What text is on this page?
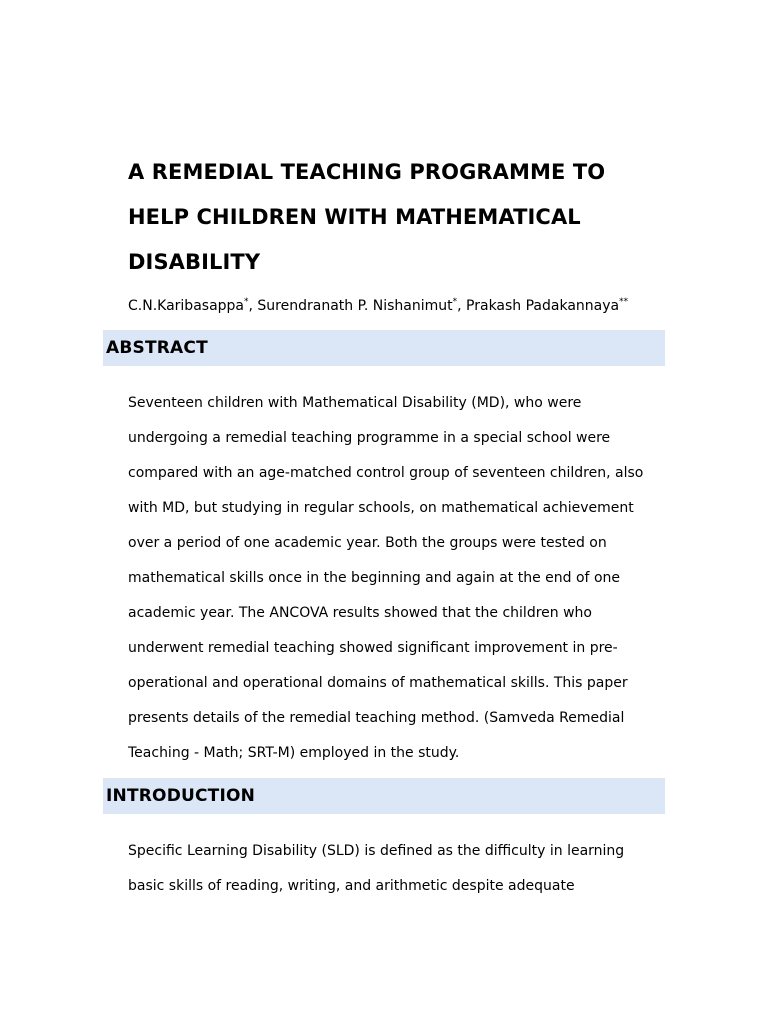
A REMEDIAL TEACHING PROGRAMME TO
HELP CHILDREN WITH MATHEMATICAL
DISABILITY

C.N.Karibasappa*, Surendranath P. Nishanimut*, Prakash Padakannaya**

ABSTRACT
Seventeen children with Mathematical Disability (MD), who were
undergoing a remedial teaching programme in a special school were
compared with an age-matched control group of seventeen children, also
with MD, but studying in regular schools, on mathematical achievement
over a period of one academic year. Both the groups were tested on
mathematical skills once in the beginning and again at the end of one
academic year. The ANCOVA results showed that the children who
underwent remedial teaching showed significant improvement in pre-
operational and operational domains of mathematical skills. This paper
presents details of the remedial teaching method. (Samveda Remedial
Teaching - Math; SRT-M) employed in the study.
INTRODUCTION
Specific Learning Disability (SLD) is defined as the difficulty in learning
basic skills of reading, writing, and arithmetic despite adequate
